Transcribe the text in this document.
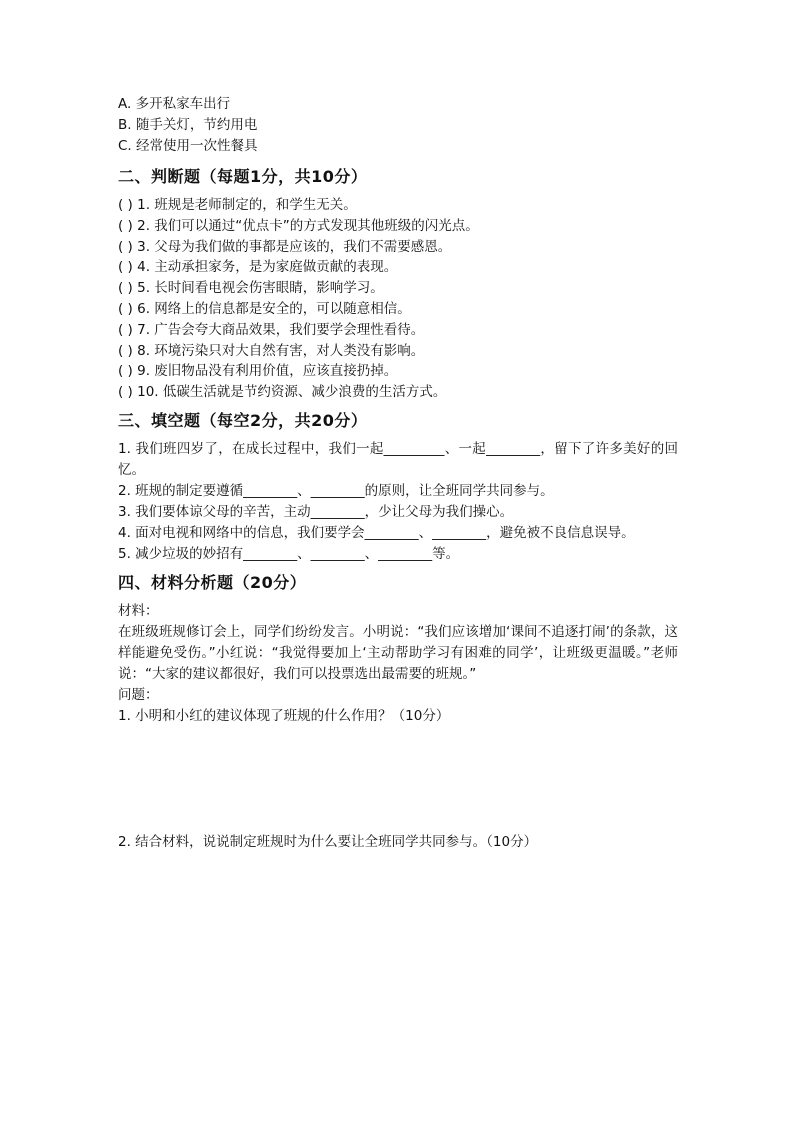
A. 多开私家车出行
B. 随手关灯，节约用电
C. 经常使用一次性餐具
二、判断题（每题1分，共10分）
( ) 1. 班规是老师制定的，和学生无关。
( ) 2. 我们可以通过“优点卡”的方式发现其他班级的闪光点。
( ) 3. 父母为我们做的事都是应该的，我们不需要感恩。
( ) 4. 主动承担家务，是为家庭做贡献的表现。
( ) 5. 长时间看电视会伤害眼睛，影响学习。
( ) 6. 网络上的信息都是安全的，可以随意相信。
( ) 7. 广告会夸大商品效果，我们要学会理性看待。
( ) 8. 环境污染只对大自然有害，对人类没有影响。
( ) 9. 废旧物品没有利用价值，应该直接扔掉。
( ) 10. 低碳生活就是节约资源、减少浪费的生活方式。
三、填空题（每空2分，共20分）
1. 我们班四岁了，在成长过程中，我们一起_________、一起________，留下了许多美好的回忆。
2. 班规的制定要遵循________、________的原则，让全班同学共同参与。
3. 我们要体谅父母的辛苦，主动________，少让父母为我们操心。
4. 面对电视和网络中的信息，我们要学会________、________，避免被不良信息误导。
5. 减少垃圾的妙招有________、________、________等。
四、材料分析题（20分）
材料：
在班级班规修订会上，同学们纷纷发言。小明说：“我们应该增加‘课间不追逐打闹’的条款，这样能避免受伤。”小红说：“我觉得要加上‘主动帮助学习有困难的同学’，让班级更温暖。”老师说：“大家的建议都很好，我们可以投票选出最需要的班规。”
问题：
1. 小明和小红的建议体现了班规的什么作用？（10分）
2. 结合材料，说说制定班规时为什么要让全班同学共同参与。（10分）
